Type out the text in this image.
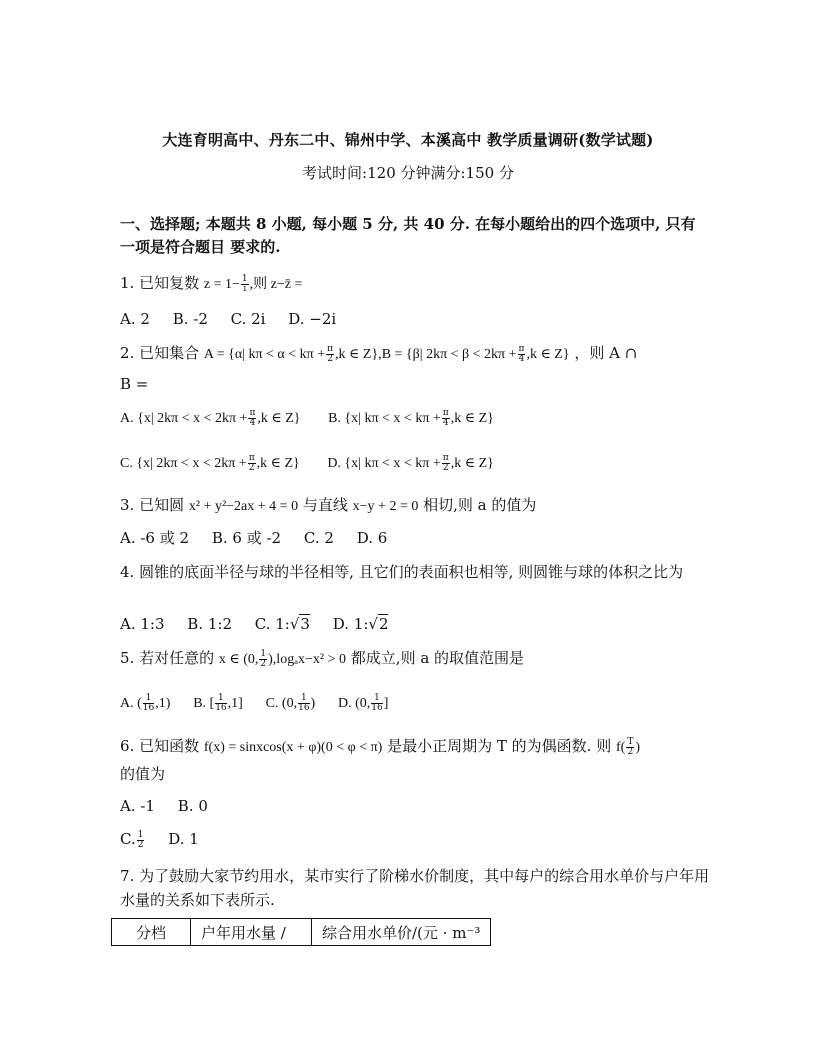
大连育明高中、丹东二中、锦州中学、本溪高中 教学质量调研(数学试题)
考试时间:120 分钟满分:150 分
一、选择题; 本题共 8 小题, 每小题 5 分, 共 40 分. 在每小题给出的四个选项中, 只有一项是符合题目 要求的.
1. 已知复数 $z = 1- \frac{1}{i}$ ,则 z−z̄ =
A. 2 B. -2 C. 2i D. −2i
2. 已知集合 A = {α| $k\pi < \alpha < k\pi + \frac{\pi}{2} ,k$ ∈ Z},B = {β| $2k\pi < \beta < 2k\pi + \frac{\pi}{4} ,k$ ∈ Z} ，则 A ∩
B =
A. {x| $2k\pi < x < 2k\pi + \frac{\pi}{4} ,k$ ∈ Z} B. {x| $k\pi < x < k\pi + \frac{\pi}{4} ,k$ ∈ Z}
C. {x| $2k\pi < x < 2k\pi + \frac{\pi}{2} ,k$ ∈ Z} D. {x| $k\pi < x < k\pi + \frac{\pi}{2} ,k$ ∈ Z}
3. 已知圆 x² + y²−2ax + 4 = 0 与直线 x−y + 2 = 0 相切,则 a 的值为
A. -6 或 2 B. 6 或 -2 C. 2 D. 6
4. 圆锥的底面半径与球的半径相等, 且它们的表面积也相等, 则圆锥与球的体积之比为
A. 1:3 B. 1:2 C. 1:√3 D. 1:√2
5. 若对任意的 x ∈ (0, $\frac{1}{2} ),\log_ax-x^2 > 0$ 都成立,则 a 的取值范围是
A. ( $\frac{1}{16} ,1$) B. [ $\frac{1}{16} ,1$] C. (0, $\frac{1}{16}$ ) D. (0, $\frac{1}{16}$ ]
6. 已知函数 f(x) = sinxcos(x + φ)(0 < φ < π) 是最小正周期为 T 的为偶函数. 则 $f( \frac{T}{2}$ )
的值为
A. -1 B. 0
C. $\frac{1}{2} D$. 1
7. 为了鼓励大家节约用水，某市实行了阶梯水价制度，其中每户的综合用水单价与户年用水量的关系如下表所示.
分档	户年用水量 /	综合用水单价/(元 · m⁻³
